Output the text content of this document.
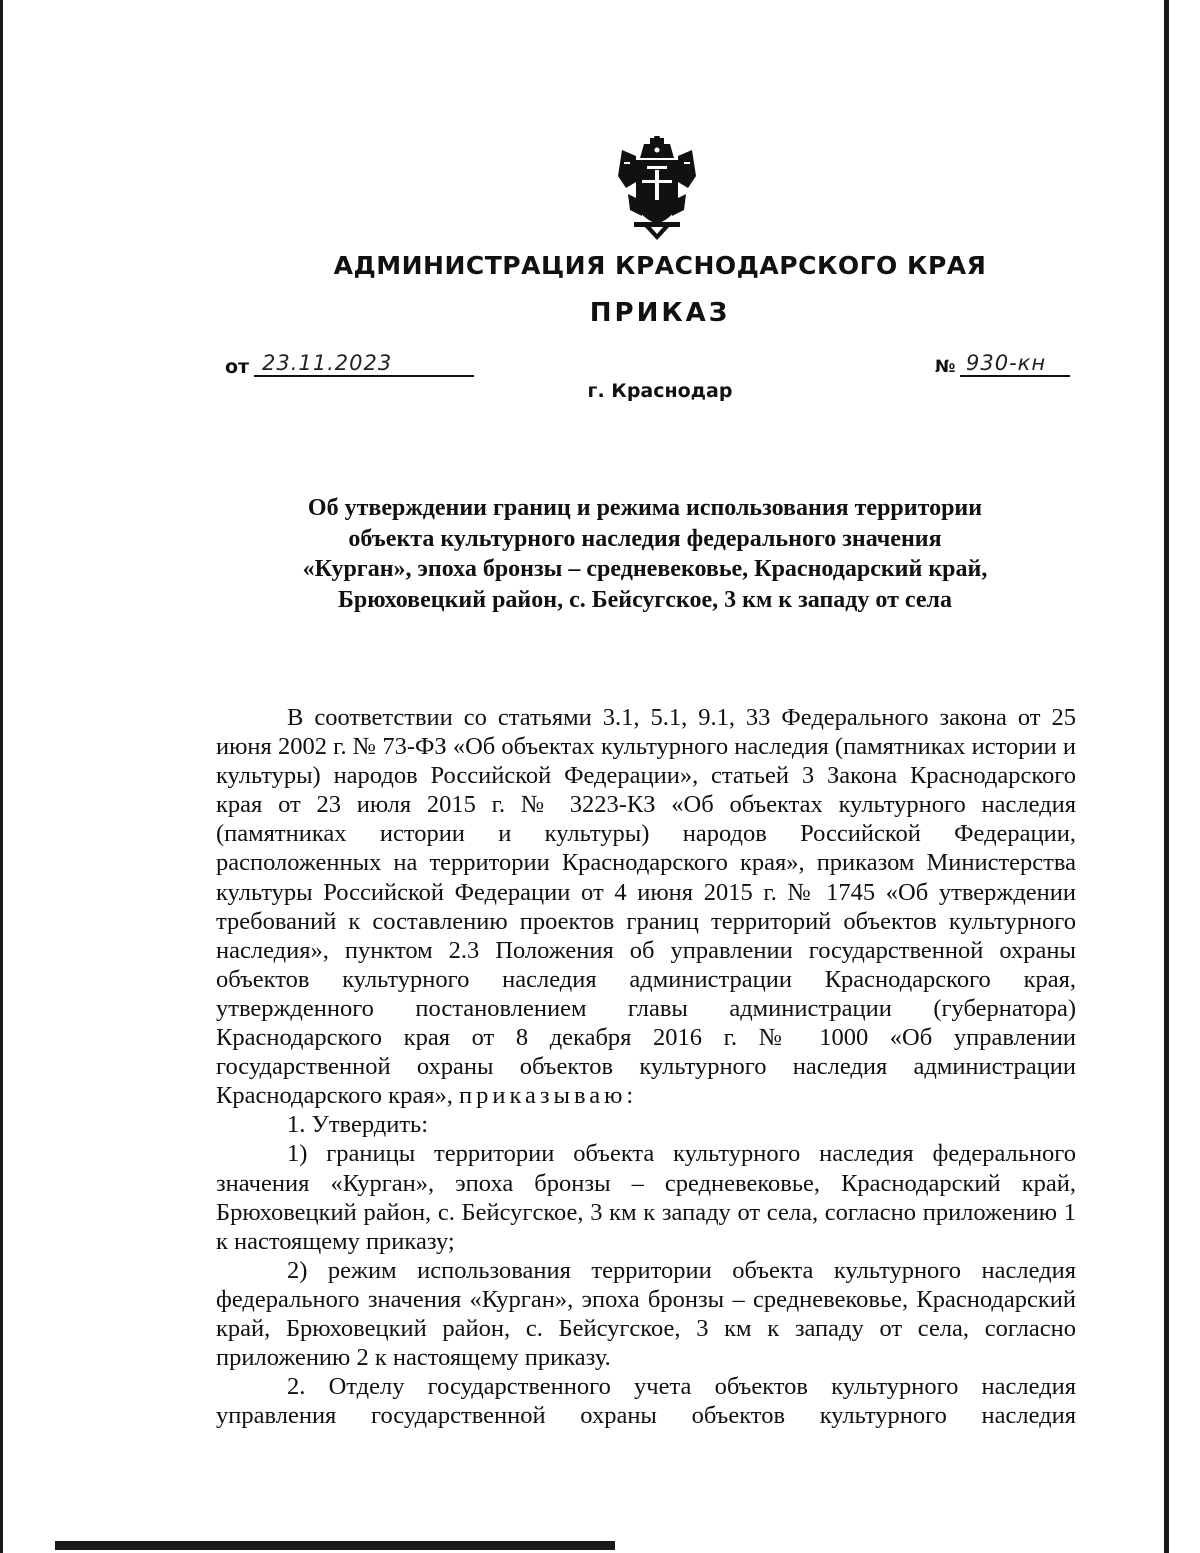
АДМИНИСТРАЦИЯ КРАСНОДАРСКОГО КРАЯ
ПРИКАЗ
от 23.11.2023	№ 930-кн
г. Краснодар
Об утверждении границ и режима использования территории
объекта культурного наследия федерального значения
«Курган», эпоха бронзы – средневековье, Краснодарский край,
Брюховецкий район, с. Бейсугское, 3 км к западу от села

В соответствии со статьями 3.1, 5.1, 9.1, 33 Федерального закона от 25 июня 2002 г. № 73-ФЗ «Об объектах культурного наследия (памятниках истории и культуры) народов Российской Федерации», статьей 3 Закона Краснодарского края от 23 июля 2015 г. № 3223-КЗ «Об объектах культурного наследия (памятниках истории и культуры) народов Российской Федерации, расположенных на территории Краснодарского края», приказом Министерства культуры Российской Федерации от 4 июня 2015 г. № 1745 «Об утверждении требований к составлению проектов границ территорий объектов культурного наследия», пунктом 2.3 Положения об управлении государственной охраны объектов культурного наследия администрации Краснодарского края, утвержденного постановлением главы администрации (губернатора) Краснодарского края от 8 декабря 2016 г. № 1000 «Об управлении государственной охраны объектов культурного наследия администрации Краснодарского края», приказываю:

1. Утвердить:

1) границы территории объекта культурного наследия федерального значения «Курган», эпоха бронзы – средневековье, Краснодарский край, Брюховецкий район, с. Бейсугское, 3 км к западу от села, согласно приложению 1 к настоящему приказу;

2) режим использования территории объекта культурного наследия федерального значения «Курган», эпоха бронзы – средневековье, Краснодарский край, Брюховецкий район, с. Бейсугское, 3 км к западу от села, согласно приложению 2 к настоящему приказу.

2. Отделу государственного учета объектов культурного наследия управления государственной охраны объектов культурного наследия
